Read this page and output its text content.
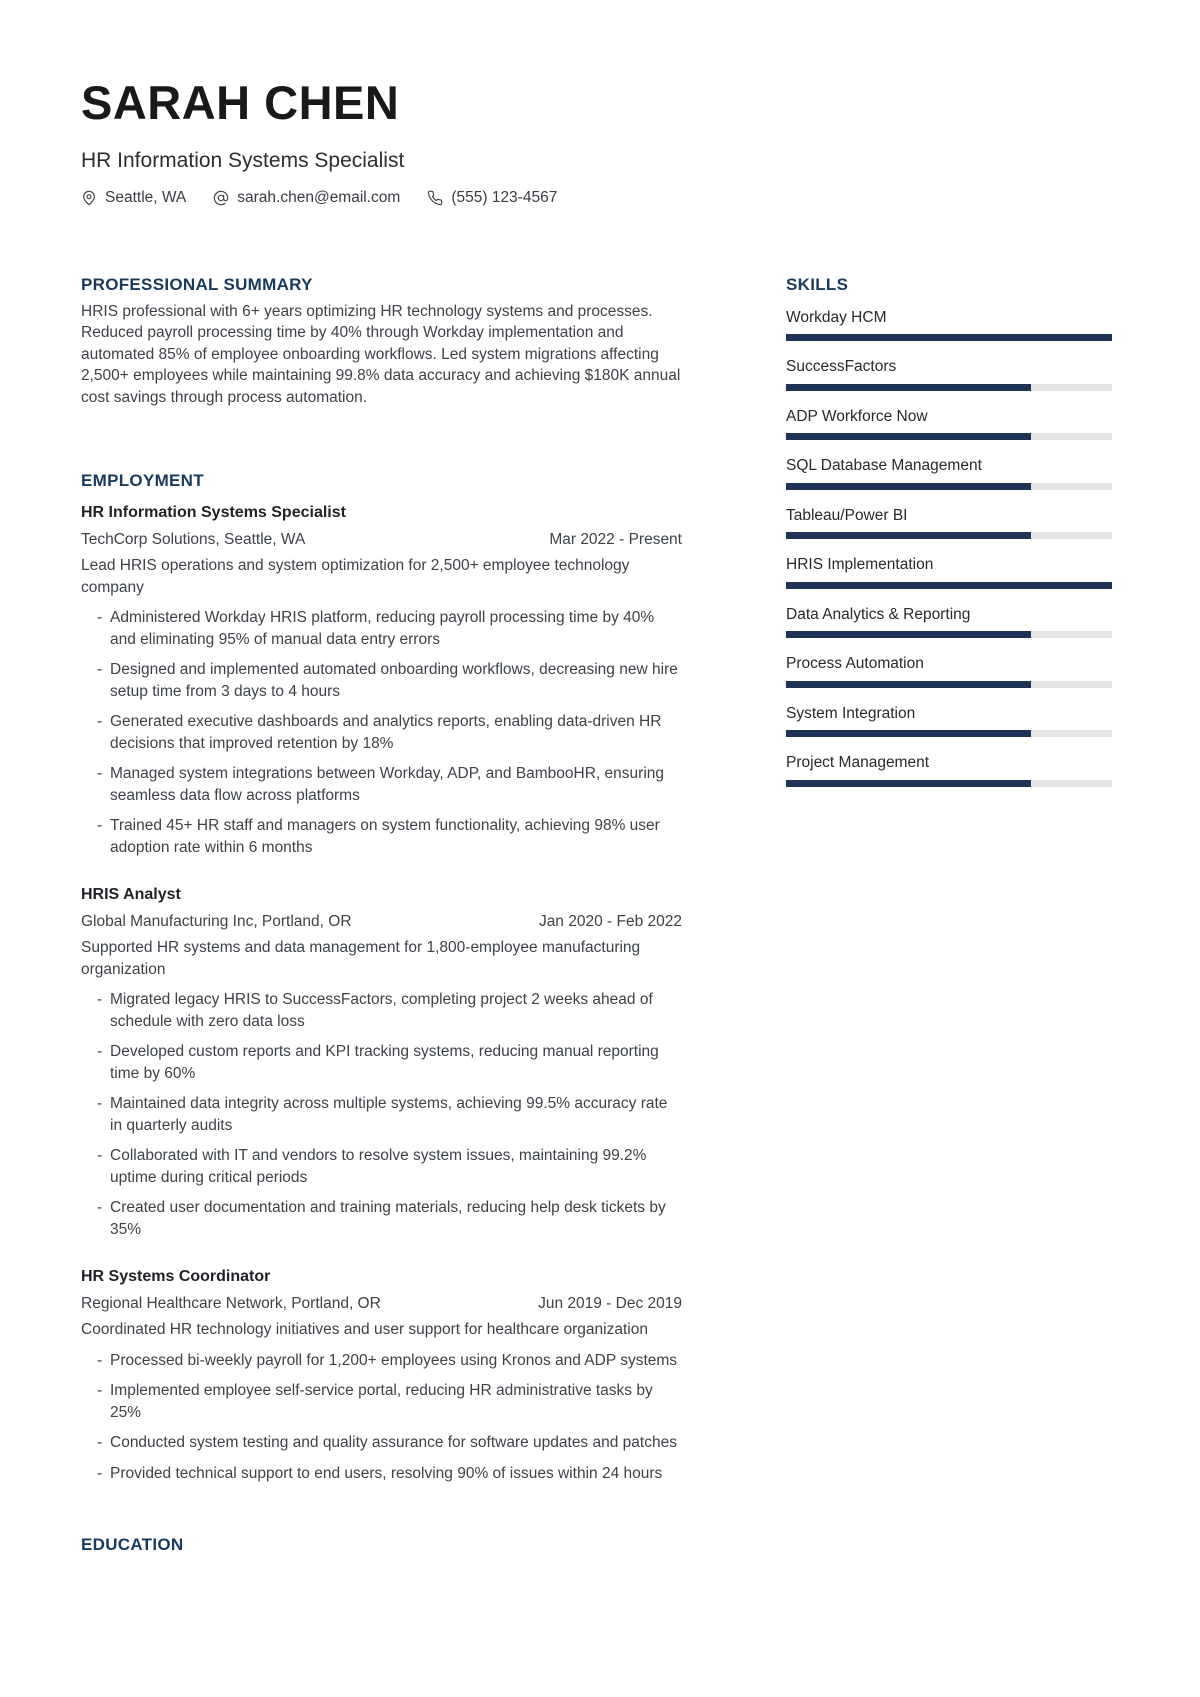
SARAH CHEN
HR Information Systems Specialist
Seattle, WA	sarah.chen@email.com	(555) 123-4567
PROFESSIONAL SUMMARY
HRIS professional with 6+ years optimizing HR technology systems and processes. Reduced payroll processing time by 40% through Workday implementation and automated 85% of employee onboarding workflows. Led system migrations affecting 2,500+ employees while maintaining 99.8% data accuracy and achieving $180K annual cost savings through process automation.
EMPLOYMENT
HR Information Systems Specialist
TechCorp Solutions, Seattle, WA	Mar 2022 - Present
Lead HRIS operations and system optimization for 2,500+ employee technology company
- Administered Workday HRIS platform, reducing payroll processing time by 40% and eliminating 95% of manual data entry errors
- Designed and implemented automated onboarding workflows, decreasing new hire setup time from 3 days to 4 hours
- Generated executive dashboards and analytics reports, enabling data-driven HR decisions that improved retention by 18%
- Managed system integrations between Workday, ADP, and BambooHR, ensuring seamless data flow across platforms
- Trained 45+ HR staff and managers on system functionality, achieving 98% user adoption rate within 6 months
HRIS Analyst
Global Manufacturing Inc, Portland, OR	Jan 2020 - Feb 2022
Supported HR systems and data management for 1,800-employee manufacturing organization
- Migrated legacy HRIS to SuccessFactors, completing project 2 weeks ahead of schedule with zero data loss
- Developed custom reports and KPI tracking systems, reducing manual reporting time by 60%
- Maintained data integrity across multiple systems, achieving 99.5% accuracy rate in quarterly audits
- Collaborated with IT and vendors to resolve system issues, maintaining 99.2% uptime during critical periods
- Created user documentation and training materials, reducing help desk tickets by 35%
HR Systems Coordinator
Regional Healthcare Network, Portland, OR	Jun 2019 - Dec 2019
Coordinated HR technology initiatives and user support for healthcare organization
- Processed bi-weekly payroll for 1,200+ employees using Kronos and ADP systems
- Implemented employee self-service portal, reducing HR administrative tasks by 25%
- Conducted system testing and quality assurance for software updates and patches
- Provided technical support to end users, resolving 90% of issues within 24 hours
EDUCATION
SKILLS
Workday HCM
SuccessFactors
ADP Workforce Now
SQL Database Management
Tableau/Power BI
HRIS Implementation
Data Analytics & Reporting
Process Automation
System Integration
Project Management
